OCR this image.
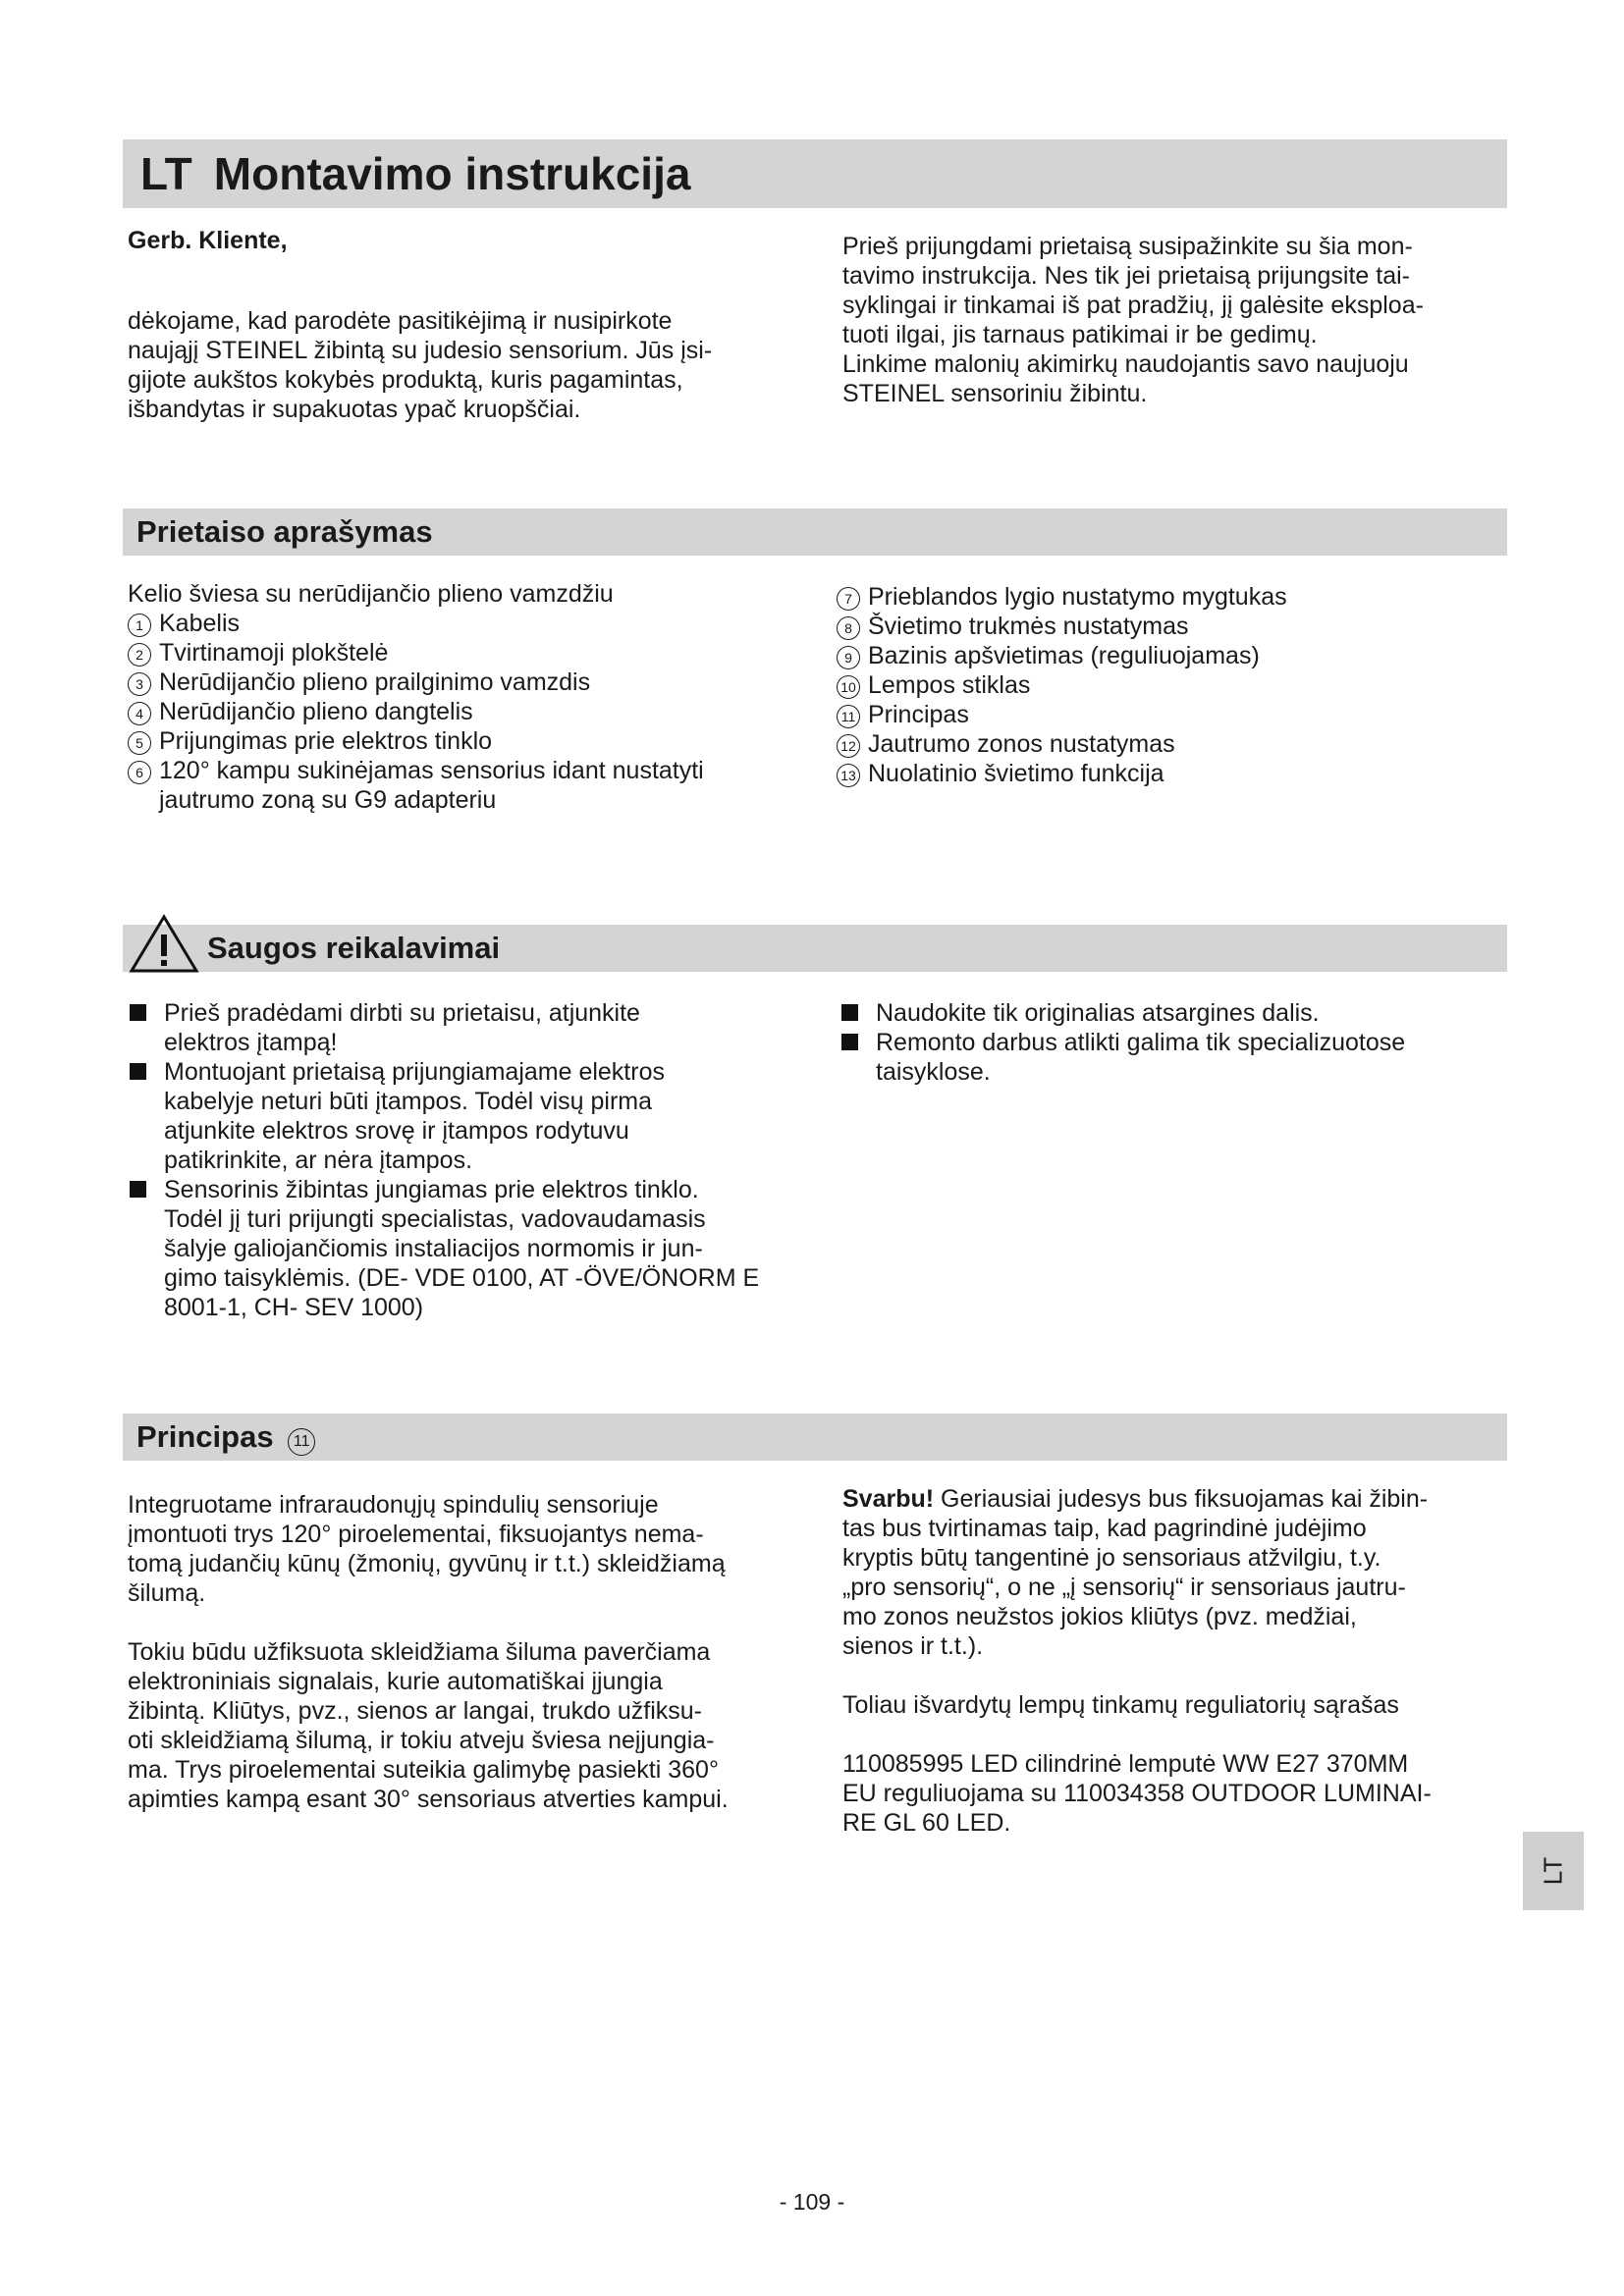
LT Montavimo instrukcija

Gerb. Kliente,

dėkojame, kad parodėte pasitikėjimą ir nusipirkote

naująjį STEINEL žibintą su judesio sensorium. Jūs įsi-

gijote aukštos kokybės produktą, kuris pagamintas,

išbandytas ir supakuotas ypač kruopščiai.

Prieš prijungdami prietaisą susipažinkite su šia mon-

tavimo instrukcija. Nes tik jei prietaisą prijungsite tai-

syklingai ir tinkamai iš pat pradžių, jį galėsite eksploa-

tuoti ilgai, jis tarnaus patikimai ir be gedimų.

Linkime malonių akimirkų naudojantis savo naujuoju

STEINEL sensoriniu žibintu.

Prietaiso aprašymas

Kelio šviesa su nerūdijančio plieno vamzdžiu

1 Kabelis
2 Tvirtinamoji plokštelė
3 Nerūdijančio plieno prailginimo vamzdis
4 Nerūdijančio plieno dangtelis
5 Prijungimas prie elektros tinklo
6 120° kampu sukinėjamas sensorius idant nustatyti jautrumo zoną su G9 adapteriu
7 Prieblandos lygio nustatymo mygtukas
8 Švietimo trukmės nustatymas
9 Bazinis apšvietimas (reguliuojamas)
10 Lempos stiklas
11 Principas
12 Jautrumo zonos nustatymas
13 Nuolatinio švietimo funkcija
Saugos reikalavimai

Prieš pradėdami dirbti su prietaisu, atjunkite

elektros įtampą!

Montuojant prietaisą prijungiamajame elektros

kabelyje neturi būti įtampos. Todėl visų pirma

atjunkite elektros srovę ir įtampos rodytuvu

patikrinkite, ar nėra įtampos.

Sensorinis žibintas jungiamas prie elektros tinklo.

Todėl jį turi prijungti specialistas, vadovaudamasis

šalyje galiojančiomis instaliacijos normomis ir jun-

gimo taisyklėmis. (DE- VDE 0100, AT -ÖVE/ÖNORM E

8001-1, CH- SEV 1000)

Naudokite tik originalias atsargines dalis.

Remonto darbus atlikti galima tik specializuotose

taisyklose.

Principas 11

Integruotame infraraudonųjų spindulių sensoriuje

įmontuoti trys 120° piroelementai, fiksuojantys nema-

tomą judančių kūnų (žmonių, gyvūnų ir t.t.) skleidžiamą

šilumą.

Tokiu būdu užfiksuota skleidžiama šiluma paverčiama

elektroniniais signalais, kurie automatiškai įjungia

žibintą. Kliūtys, pvz., sienos ar langai, trukdo užfiksu-

oti skleidžiamą šilumą, ir tokiu atveju šviesa neįjungia-

ma. Trys piroelementai suteikia galimybę pasiekti 360°

apimties kampą esant 30° sensoriaus atverties kampui.

Svarbu! Geriausiai judesys bus fiksuojamas kai žibin-

tas bus tvirtinamas taip, kad pagrindinė judėjimo

kryptis būtų tangentinė jo sensoriaus atžvilgiu, t.y.

„pro sensorių“, o ne „į sensorių“ ir sensoriaus jautru-

mo zonos neužstos jokios kliūtys (pvz. medžiai,

sienos ir t.t.).

Toliau išvardytų lempų tinkamų reguliatorių sąrašas

110085995 LED cilindrinė lemputė WW E27 370MM

EU reguliuojama su 110034358 OUTDOOR LUMINAI-

RE GL 60 LED.

LT
- 109 -
